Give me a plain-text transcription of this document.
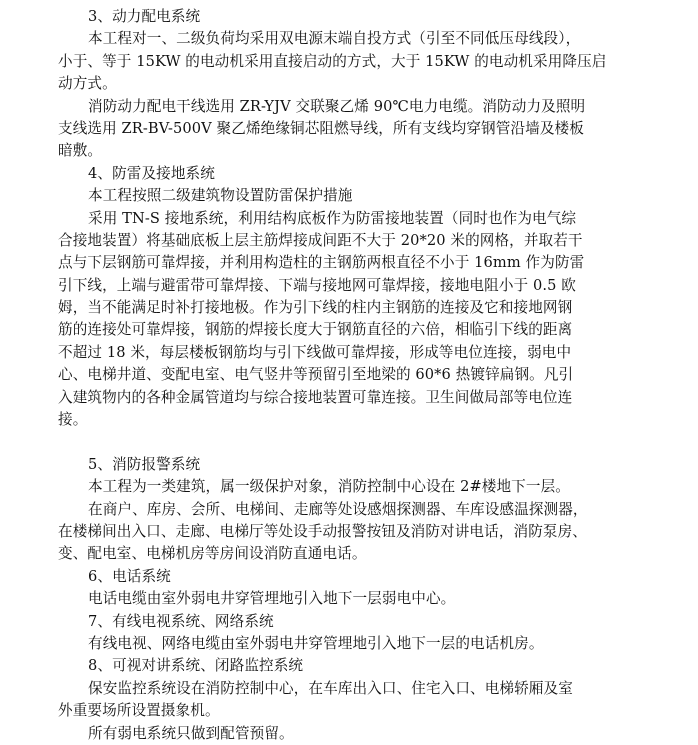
3、动力配电系统
本工程对一、二级负荷均采用双电源末端自投方式（引至不同低压母线段），
小于、等于 15KW 的电动机采用直接启动的方式，大于 15KW 的电动机采用降压启
动方式。
消防动力配电干线选用 ZR-YJV 交联聚乙烯 90℃电力电缆。消防动力及照明
支线选用 ZR-BV-500V 聚乙烯绝缘铜芯阻燃导线，所有支线均穿钢管沿墙及楼板
暗敷。
4、防雷及接地系统
本工程按照二级建筑物设置防雷保护措施
采用 TN-S 接地系统，利用结构底板作为防雷接地装置（同时也作为电气综
合接地装置）将基础底板上层主筋焊接成间距不大于 20*20 米的网格，并取若干
点与下层钢筋可靠焊接，并利用构造柱的主钢筋两根直径不小于 16mm 作为防雷
引下线，上端与避雷带可靠焊接、下端与接地网可靠焊接，接地电阻小于 0.5 欧
姆，当不能满足时补打接地极。作为引下线的柱内主钢筋的连接及它和接地网钢
筋的连接处可靠焊接，钢筋的焊接长度大于钢筋直径的六倍，相临引下线的距离
不超过 18 米，每层楼板钢筋均与引下线做可靠焊接，形成等电位连接，弱电中
心、电梯井道、变配电室、电气竖井等预留引至地梁的 60*6 热镀锌扁钢。凡引
入建筑物内的各种金属管道均与综合接地装置可靠连接。卫生间做局部等电位连
接。
5、消防报警系统
本工程为一类建筑，属一级保护对象，消防控制中心设在 2#楼地下一层。
在商户、库房、会所、电梯间、走廊等处设感烟探测器、车库设感温探测器，
在楼梯间出入口、走廊、电梯厅等处设手动报警按钮及消防对讲电话，消防泵房、
变、配电室、电梯机房等房间设消防直通电话。
6、电话系统
电话电缆由室外弱电井穿管埋地引入地下一层弱电中心。
7、有线电视系统、网络系统
有线电视、网络电缆由室外弱电井穿管埋地引入地下一层的电话机房。
8、可视对讲系统、闭路监控系统
保安监控系统设在消防控制中心，在车库出入口、住宅入口、电梯轿厢及室
外重要场所设置摄象机。
所有弱电系统只做到配管预留。
